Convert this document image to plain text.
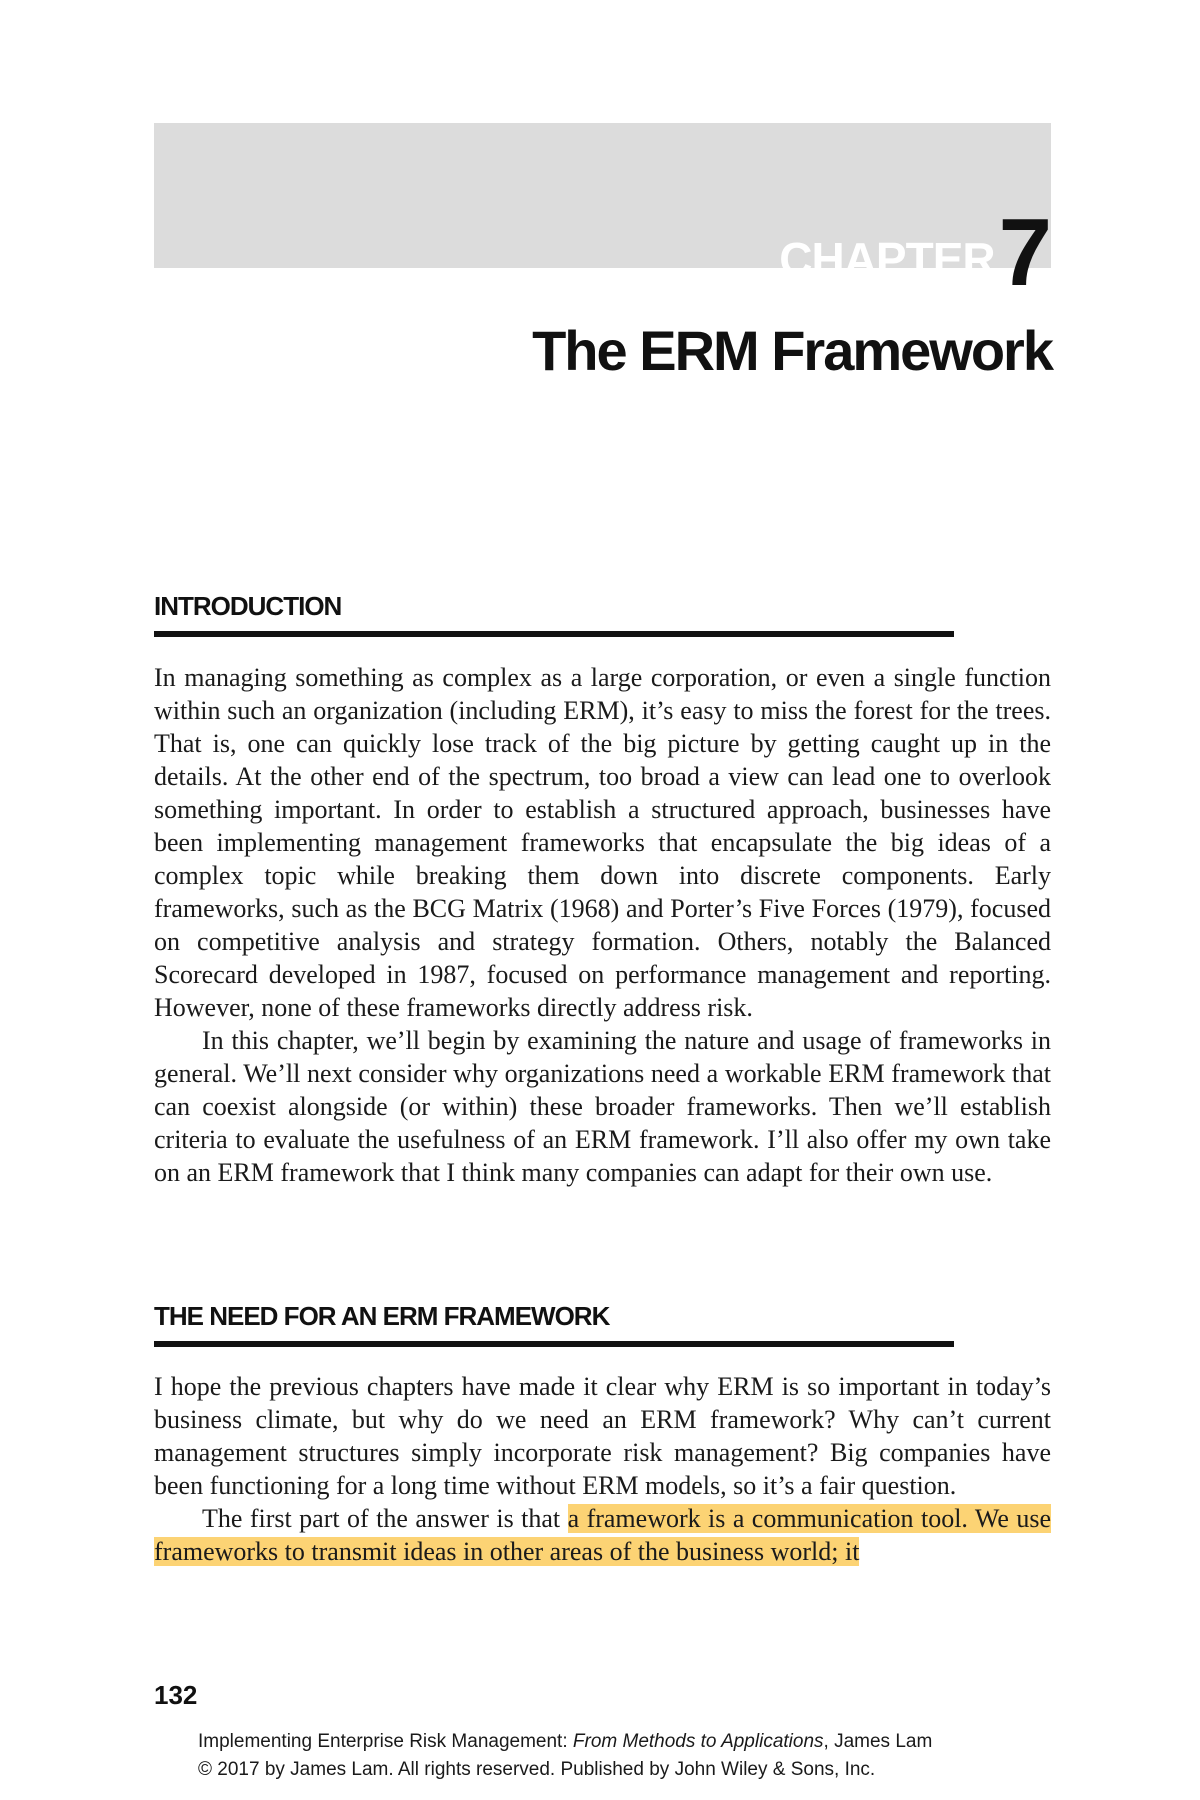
CHAPTER 7
The ERM Framework
INTRODUCTION

In managing something as complex as a large corporation, or even a single function within such an organization (including ERM), it’s easy to miss the forest for the trees. That is, one can quickly lose track of the big picture by getting caught up in the details. At the other end of the spectrum, too broad a view can lead one to overlook something important. In order to establish a structured approach, businesses have been implementing management frameworks that encapsulate the big ideas of a complex topic while breaking them down into discrete components. Early frameworks, such as the BCG Matrix (1968) and Porter’s Five Forces (1979), focused on competitive analysis and strategy formation. Others, notably the Balanced Scorecard developed in 1987, focused on performance management and reporting. However, none of these frameworks directly address risk.

In this chapter, we’ll begin by examining the nature and usage of frameworks in general. We’ll next consider why organizations need a workable ERM framework that can coexist alongside (or within) these broader frameworks. Then we’ll establish criteria to evaluate the usefulness of an ERM framework. I’ll also offer my own take on an ERM framework that I think many companies can adapt for their own use.

THE NEED FOR AN ERM FRAMEWORK

I hope the previous chapters have made it clear why ERM is so important in today’s business climate, but why do we need an ERM framework? Why can’t current management structures simply incorporate risk management? Big companies have been functioning for a long time without ERM models, so it’s a fair question.

The first part of the answer is that a framework is a communication tool. We use frameworks to transmit ideas in other areas of the business world; it

132
Implementing Enterprise Risk Management: From Methods to Applications, James Lam
© 2017 by James Lam. All rights reserved. Published by John Wiley & Sons, Inc.
